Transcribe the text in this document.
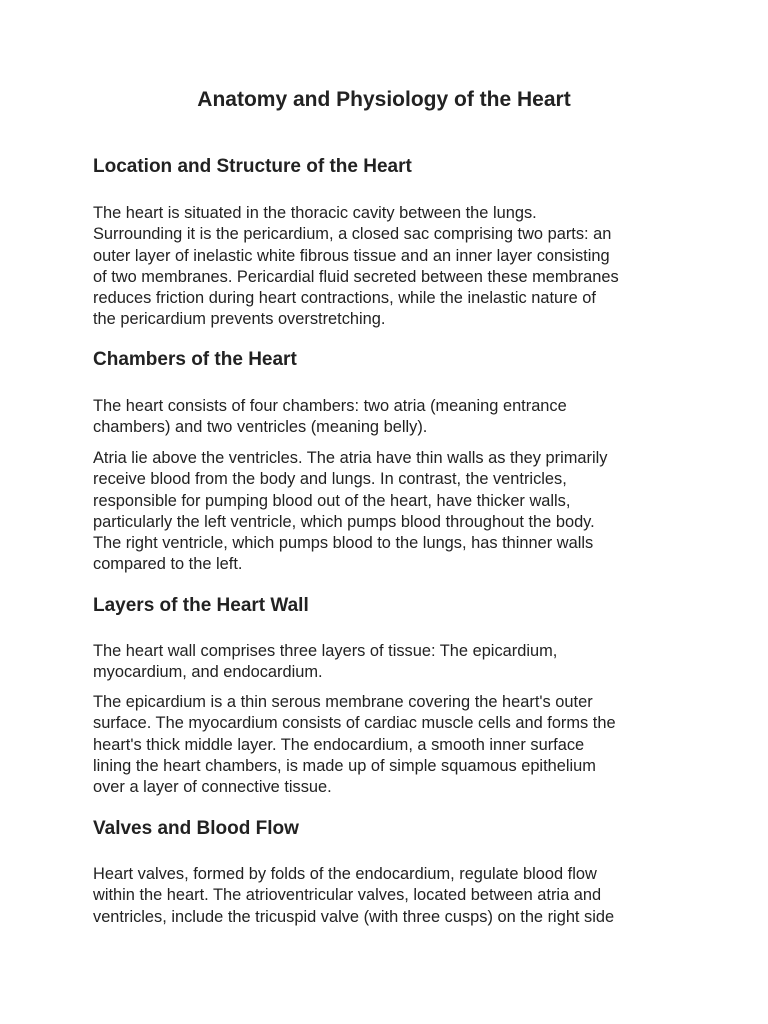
Anatomy and Physiology of the Heart
Location and Structure of the Heart

The heart is situated in the thoracic cavity between the lungs.
Surrounding it is the pericardium, a closed sac comprising two parts: an
outer layer of inelastic white fibrous tissue and an inner layer consisting
of two membranes. Pericardial fluid secreted between these membranes
reduces friction during heart contractions, while the inelastic nature of
the pericardium prevents overstretching.

Chambers of the Heart

The heart consists of four chambers: two atria (meaning entrance
chambers) and two ventricles (meaning belly).

Atria lie above the ventricles. The atria have thin walls as they primarily
receive blood from the body and lungs. In contrast, the ventricles,
responsible for pumping blood out of the heart, have thicker walls,
particularly the left ventricle, which pumps blood throughout the body.
The right ventricle, which pumps blood to the lungs, has thinner walls
compared to the left.

Layers of the Heart Wall

The heart wall comprises three layers of tissue: The epicardium,
myocardium, and endocardium.

The epicardium is a thin serous membrane covering the heart's outer
surface. The myocardium consists of cardiac muscle cells and forms the
heart's thick middle layer. The endocardium, a smooth inner surface
lining the heart chambers, is made up of simple squamous epithelium
over a layer of connective tissue.

Valves and Blood Flow

Heart valves, formed by folds of the endocardium, regulate blood flow
within the heart. The atrioventricular valves, located between atria and
ventricles, include the tricuspid valve (with three cusps) on the right side
